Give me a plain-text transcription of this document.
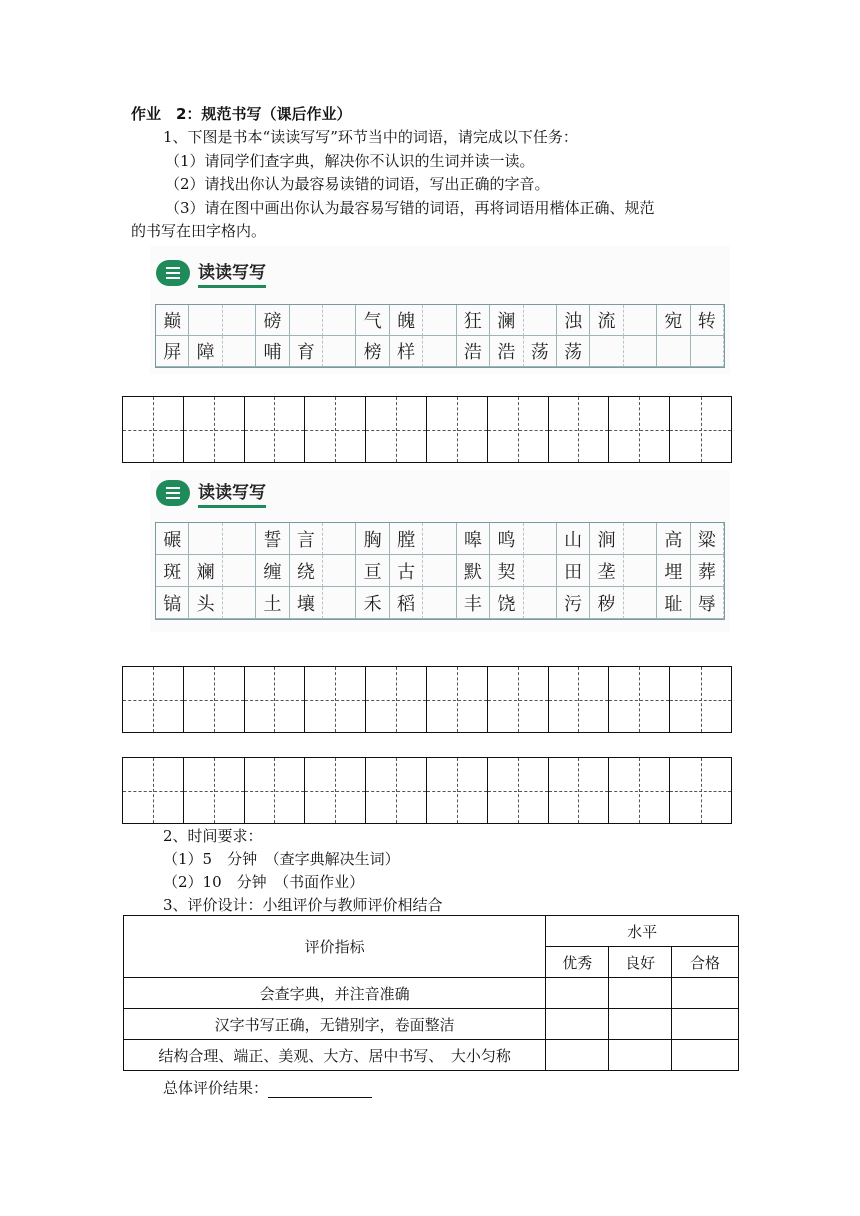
作业　2：规范书写（课后作业）
1、下图是书本“读读写写”环节当中的词语，请完成以下任务：
（1）请同学们查字典，解决你不认识的生词并读一读。
（2）请找出你认为最容易读错的词语，写出正确的字音。
（3）请在图中画出你认为最容易写错的词语，再将词语用楷体正确、规范
的书写在田字格内。
读读写写
巅	磅	气 魄	狂 澜	浊 流	宛 转
屏 障	哺 育	榜 样	浩 浩 荡 荡
读读写写
碾	誓 言	胸 膛	嗥 鸣	山 涧	高 粱
斑 斓	缠 绕	亘 古	默 契	田 垄	埋 葬
镐 头	土 壤	禾 稻	丰 饶	污 秽	耻 辱
2、时间要求：
（1）5　分钟　（查字典解决生词）
（2）10　分钟　（书面作业）
3、评价设计：小组评价与教师评价相结合
评价指标	水平		
	优秀	良好	合格
会查字典，并注音准确			
汉字书写正确，无错别字，卷面整洁			
结构合理、端正、美观、大方、居中书写、　大小匀称			
总体评价结果：
